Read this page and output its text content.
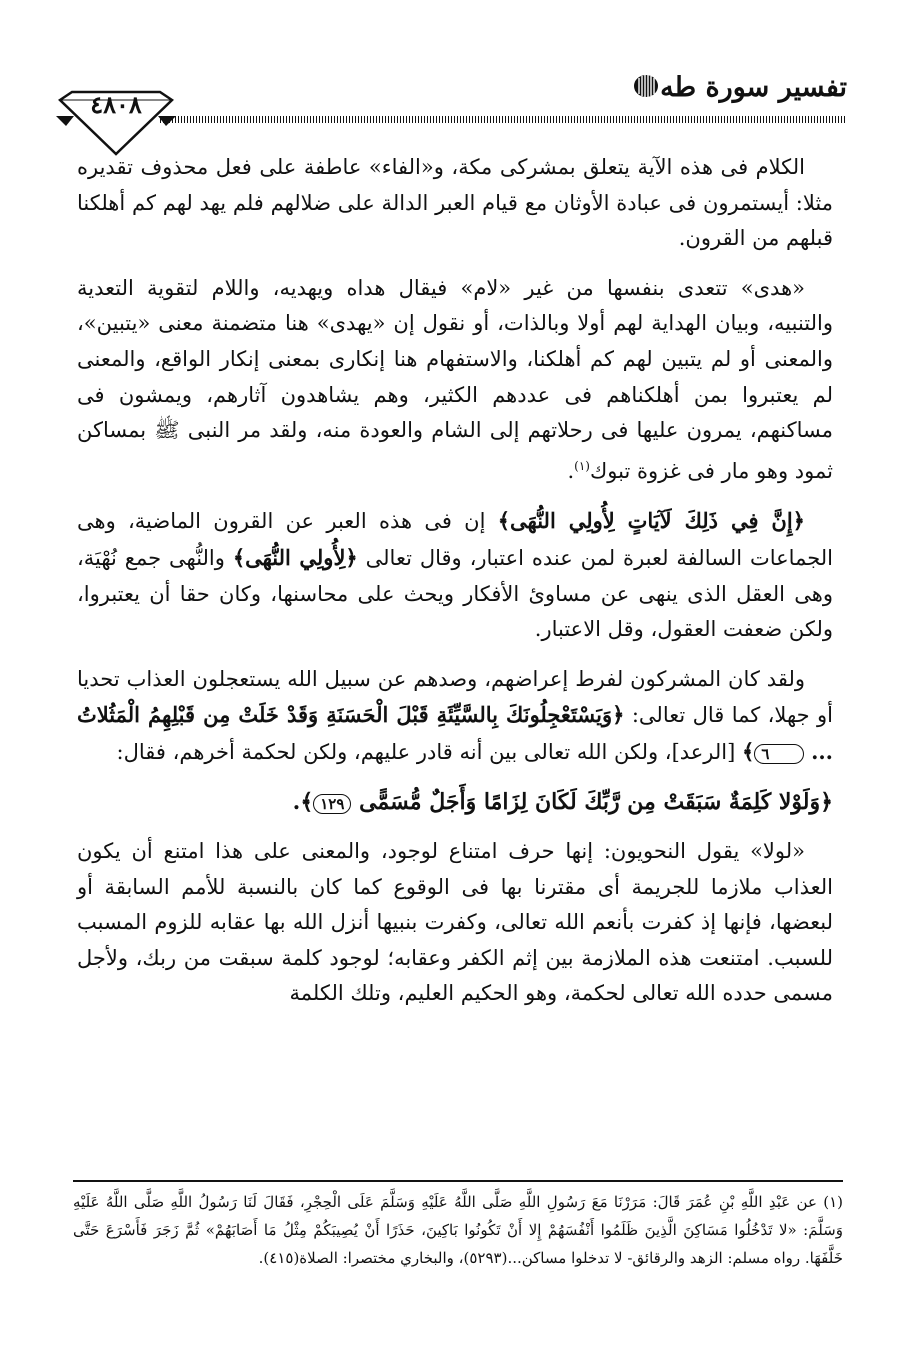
تفسير سورة طه
٤٨٠٨

الكلام فى هذه الآية يتعلق بمشركى مكة، و«الفاء» عاطفة على فعل محذوف تقديره مثلا: أيستمرون فى عبادة الأوثان مع قيام العبر الدالة على ضلالهم فلم يهد لهم كم أهلكنا قبلهم من القرون.

«هدى» تتعدى بنفسها من غير «لام» فيقال هداه ويهديه، واللام لتقوية التعدية والتنبيه، وبيان الهداية لهم أولا وبالذات، أو نقول إن «يهدى» هنا متضمنة معنى «يتبين»، والمعنى أو لم يتبين لهم كم أهلكنا، والاستفهام هنا إنكارى بمعنى إنكار الواقع، والمعنى لم يعتبروا بمن أهلكناهم فى عددهم الكثير، وهم يشاهدون آثارهم، ويمشون فى مساكنهم، يمرون عليها فى رحلاتهم إلى الشام والعودة منه، ولقد مر النبى ﷺ بمساكن ثمود وهو مار فى غزوة تبوك$^{(١)}$.

﴿إِنَّ فِي ذَلِكَ لَآيَاتٍ لِأُولِي النُّهَى﴾ إن فى هذه العبر عن القرون الماضية، وهى الجماعات السالفة لعبرة لمن عنده اعتبار، وقال تعالى ﴿لِأُولِي النُّهَى﴾ والنُّهى جمع نُهْيَة، وهى العقل الذى ينهى عن مساوئ الأفكار ويحث على محاسنها، وكان حقا أن يعتبروا، ولكن ضعفت العقول، وقل الاعتبار.

ولقد كان المشركون لفرط إعراضهم، وصدهم عن سبيل الله يستعجلون العذاب تحديا أو جهلا، كما قال تعالى: ﴿وَيَسْتَعْجِلُونَكَ بِالسَّيِّئَةِ قَبْلَ الْحَسَنَةِ وَقَدْ خَلَتْ مِن قَبْلِهِمُ الْمَثُلاتُ ... ٦﴾ [الرعد]، ولكن الله تعالى بين أنه قادر عليهم، ولكن لحكمة أخرهم، فقال:

﴿وَلَوْلا كَلِمَةٌ سَبَقَتْ مِن رَّبِّكَ لَكَانَ لِزَامًا وَأَجَلٌ مُّسَمًّى ١٢٩﴾.

«لولا» يقول النحويون: إنها حرف امتناع لوجود، والمعنى على هذا امتنع أن يكون العذاب ملازما للجريمة أى مقترنا بها فى الوقوع كما كان بالنسبة للأمم السابقة أو لبعضها، فإنها إذ كفرت بأنعم الله تعالى، وكفرت بنبيها أنزل الله بها عقابه للزوم المسبب للسبب. امتنعت هذه الملازمة بين إثم الكفر وعقابه؛ لوجود كلمة سبقت من ربك، ولأجل مسمى حدده الله تعالى لحكمة، وهو الحكيم العليم، وتلك الكلمة

(١) عن عَبْدِ اللَّهِ بْنِ عُمَرَ قَالَ: مَرَرْنَا مَعَ رَسُولِ اللَّهِ صَلَّى اللَّهُ عَلَيْهِ وَسَلَّمَ عَلَى الْحِجْرِ، فَقَالَ لَنَا رَسُولُ اللَّهِ صَلَّى اللَّهُ عَلَيْهِ وَسَلَّمَ: «لا تَدْخُلُوا مَسَاكِنَ الَّذِينَ ظَلَمُوا أَنْفُسَهُمْ إِلا أَنْ تَكُونُوا بَاكِينَ، حَذَرًا أَنْ يُصِيبَكُمْ مِثْلُ مَا أَصَابَهُمْ» ثُمَّ زَجَرَ فَأَسْرَعَ حَتَّى خَلَّفَهَا. رواه مسلم: الزهد والرقائق- لا تدخلوا مساكن...(٥٢٩٣)، والبخاري مختصرا: الصلاة(٤١٥).
